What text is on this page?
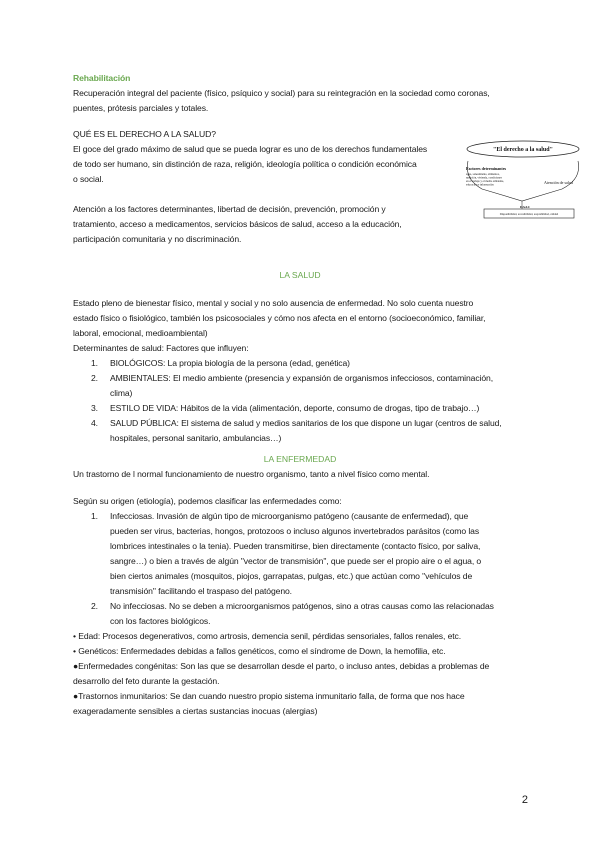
Rehabilitación
Recuperación integral del paciente (físico, psíquico y social) para su reintegración en la sociedad como coronas,
puentes, prótesis parciales y totales.
QUÉ ES EL DERECHO A LA SALUD?
El goce del grado máximo de salud que se pueda lograr es uno de los derechos fundamentales
de todo ser humano, sin distinción de raza, religión, ideología política o condición económica
o social.
Atención a los factores determinantes, libertad de decisión, prevención, promoción y
tratamiento, acceso a medicamentos, servicios básicos de salud, acceso a la educación,
participación comunitaria y no discriminación.
"El derecho a la salud"
Factores determinantes
agua, saneamiento, alimentos,
nutrición, vivienda, condiciones
en el trabajo y el medio ambiente,
educación e información	Atención de salud
DAAC
Disponibilidad, accesibilidad, aceptabilidad, calidad
LA SALUD
Estado pleno de bienestar físico, mental y social y no solo ausencia de enfermedad. No solo cuenta nuestro
estado físico o fisiológico, también los psicosociales y cómo nos afecta en el entorno (socioeconómico, familiar,
laboral, emocional, medioambiental)
Determinantes de salud: Factores que influyen:
1. BIOLÓGICOS: La propia biología de la persona (edad, genética)
2. AMBIENTALES: El medio ambiente (presencia y expansión de organismos infecciosos, contaminación,
clima)
3. ESTILO DE VIDA: Hábitos de la vida (alimentación, deporte, consumo de drogas, tipo de trabajo…)
4. SALUD PÚBLICA: El sistema de salud y medios sanitarios de los que dispone un lugar (centros de salud,
hospitales, personal sanitario, ambulancias…)
LA ENFERMEDAD
Un trastorno de l normal funcionamiento de nuestro organismo, tanto a nivel físico como mental.
Según su origen (etiología), podemos clasificar las enfermedades como:
1. Infecciosas. Invasión de algún tipo de microorganismo patógeno (causante de enfermedad), que
pueden ser virus, bacterias, hongos, protozoos o incluso algunos invertebrados parásitos (como las
lombrices intestinales o la tenia). Pueden transmitirse, bien directamente (contacto físico, por saliva,
sangre…) o bien a través de algún "vector de transmisión", que puede ser el propio aire o el agua, o
bien ciertos animales (mosquitos, piojos, garrapatas, pulgas, etc.) que actúan como "vehículos de
transmisión" facilitando el traspaso del patógeno.
2. No infecciosas. No se deben a microorganismos patógenos, sino a otras causas como las relacionadas
con los factores biológicos.
• Edad: Procesos degenerativos, como artrosis, demencia senil, pérdidas sensoriales, fallos renales, etc.
• Genéticos: Enfermedades debidas a fallos genéticos, como el síndrome de Down, la hemofilia, etc.
●Enfermedades congénitas: Son las que se desarrollan desde el parto, o incluso antes, debidas a problemas de
desarrollo del feto durante la gestación.
●Trastornos inmunitarios: Se dan cuando nuestro propio sistema inmunitario falla, de forma que nos hace
exageradamente sensibles a ciertas sustancias inocuas (alergias)
2
